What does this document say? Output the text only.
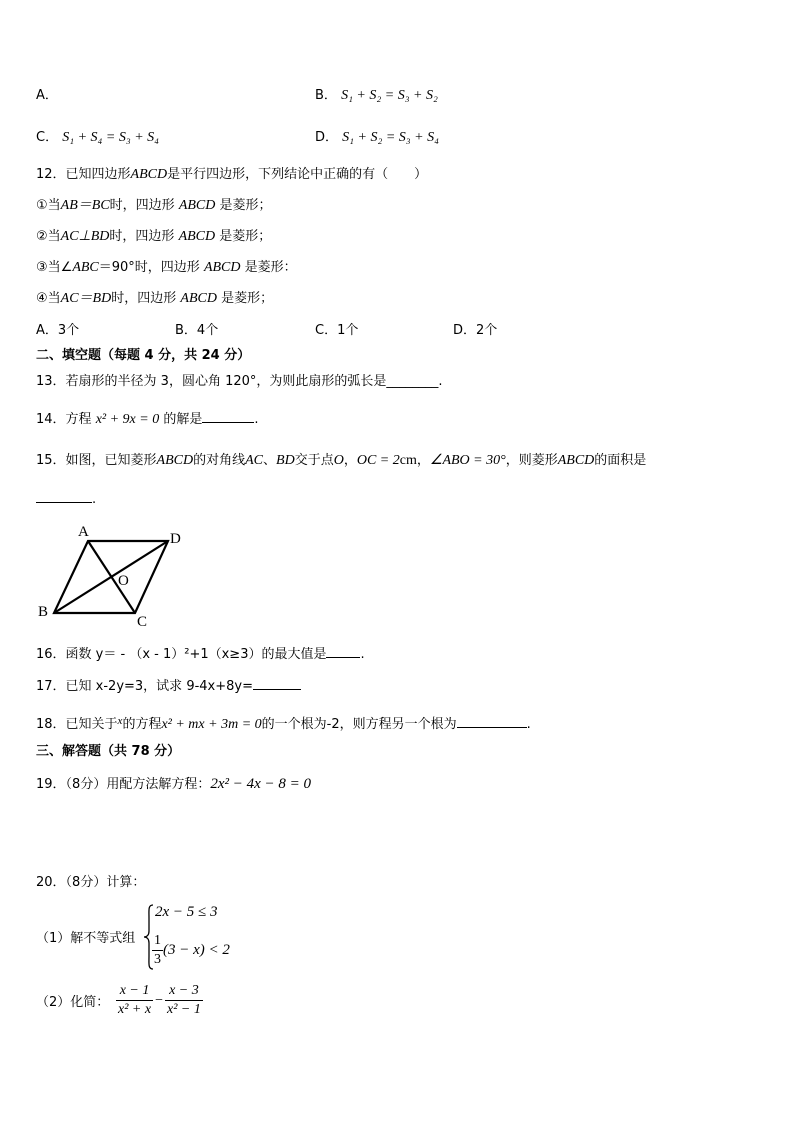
A．	B． S₁ + S₂ = S₃ + S₂
C． S₁ + S₄ = S₃ + S₄	D． S₁ + S₂ = S₃ + S₄
12．已知四边形ABCD是平行四边形，下列结论中正确的有（　　）
①当AB＝BC时，四边形 ABCD 是菱形；
②当AC⊥BD时，四边形 ABCD 是菱形；
③当∠ABC＝90°时，四边形 ABCD 是菱形：
④当AC＝BD时，四边形 ABCD 是菱形；
A．3个	B．4个	C．1个	D．2个
二、填空题（每题 4 分，共 24 分）
13．若扇形的半径为 3，圆心角 120°，为则此扇形的弧长是________.
14．方程 x² + 9x = 0 的解是	.
15．如图，已知菱形ABCD的对角线AC、BD交于点O，OC = 2cm，∠ABO = 30°，则菱形ABCD的面积是
.
A	D
O
B
C
16．函数 y＝ - （x - 1）²+1（x≥3）的最大值是	.
17．已知 x-2y=3，试求 9-4x+8y=
18．已知关于$^x$的方程x² + mx + 3m = 0的一个根为-2，则方程另一个根为	.
三、解答题（共 78 分）
19．（8分）用配方法解方程：2x² − 4x − 8 = 0
20．（8分）计算：
（1）解不等式组
2x − 5 ≤ 3
$\frac{1}{3} (3 - x) < 2$
（2）化简： $\frac{x - 1}{\text{x² + x}} - \frac{x - 3}{\text{x² − 1}}$
